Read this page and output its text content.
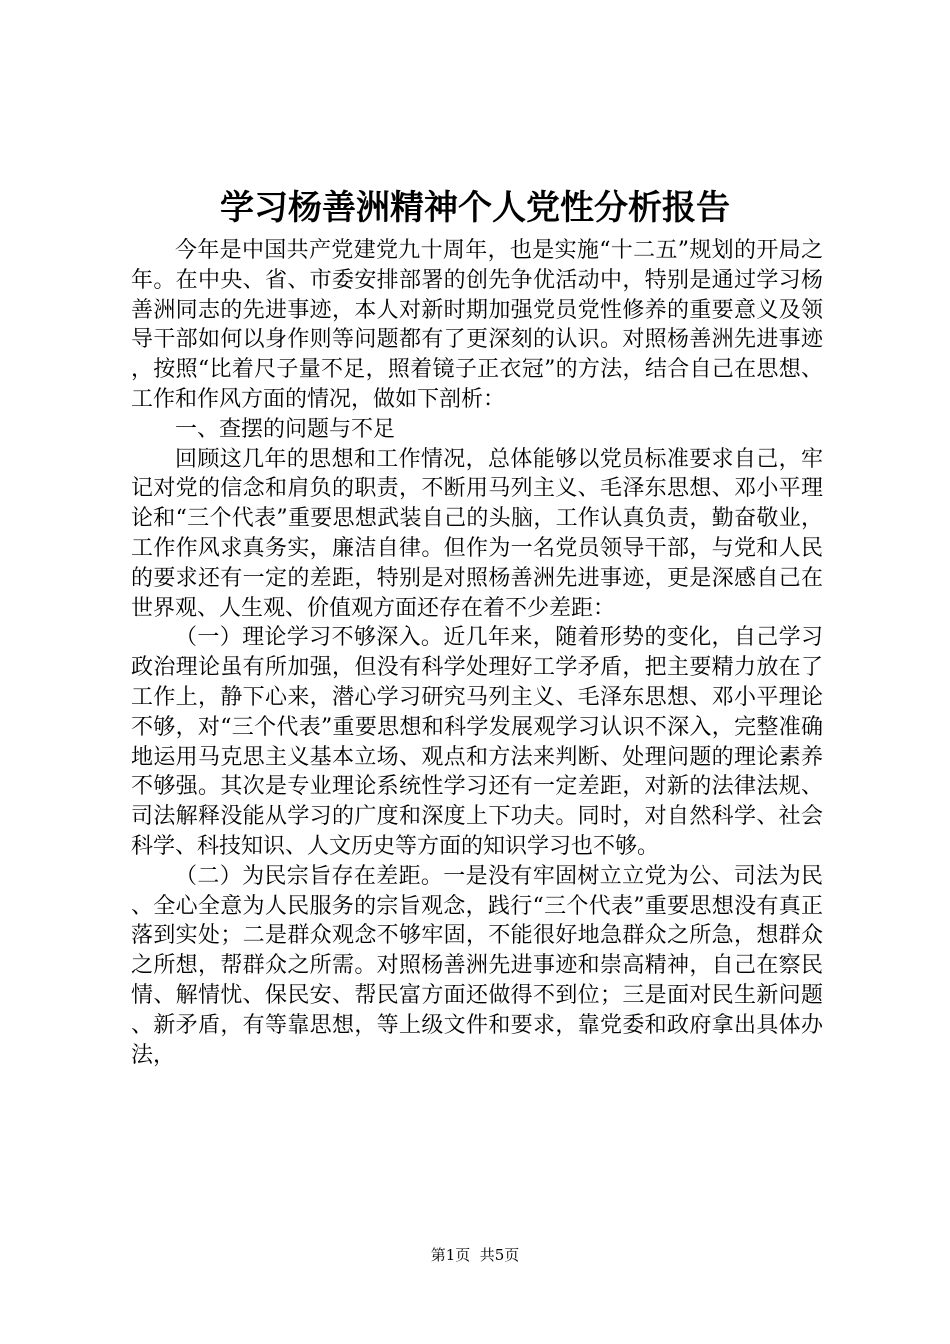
学习杨善洲精神个人党性分析报告

今年是中国共产党建党九十周年，也是实施“十二五”规划的开局之年。在中央、省、市委安排部署的创先争优活动中，特别是通过学习杨善洲同志的先进事迹，本人对新时期加强党员党性修养的重要意义及领导干部如何以身作则等问题都有了更深刻的认识。对照杨善洲先进事迹，按照“比着尺子量不足，照着镜子正衣冠”的方法，结合自己在思想、工作和作风方面的情况，做如下剖析：

一、查摆的问题与不足

回顾这几年的思想和工作情况，总体能够以党员标准要求自己，牢记对党的信念和肩负的职责，不断用马列主义、毛泽东思想、邓小平理论和“三个代表”重要思想武装自己的头脑，工作认真负责，勤奋敬业，工作作风求真务实，廉洁自律。但作为一名党员领导干部，与党和人民的要求还有一定的差距，特别是对照杨善洲先进事迹，更是深感自己在世界观、人生观、价值观方面还存在着不少差距：

（一）理论学习不够深入。近几年来，随着形势的变化，自己学习政治理论虽有所加强，但没有科学处理好工学矛盾，把主要精力放在了工作上，静下心来，潜心学习研究马列主义、毛泽东思想、邓小平理论不够，对“三个代表”重要思想和科学发展观学习认识不深入，完整准确地运用马克思主义基本立场、观点和方法来判断、处理问题的理论素养不够强。其次是专业理论系统性学习还有一定差距，对新的法律法规、司法解释没能从学习的广度和深度上下功夫。同时，对自然科学、社会科学、科技知识、人文历史等方面的知识学习也不够。

（二）为民宗旨存在差距。一是没有牢固树立立党为公、司法为民、全心全意为人民服务的宗旨观念，践行“三个代表”重要思想没有真正落到实处；二是群众观念不够牢固，不能很好地急群众之所急，想群众之所想，帮群众之所需。对照杨善洲先进事迹和崇高精神，自己在察民情、解情忧、保民安、帮民富方面还做得不到位；三是面对民生新问题、新矛盾，有等靠思想，等上级文件和要求，靠党委和政府拿出具体办法，

第1页  共5页
